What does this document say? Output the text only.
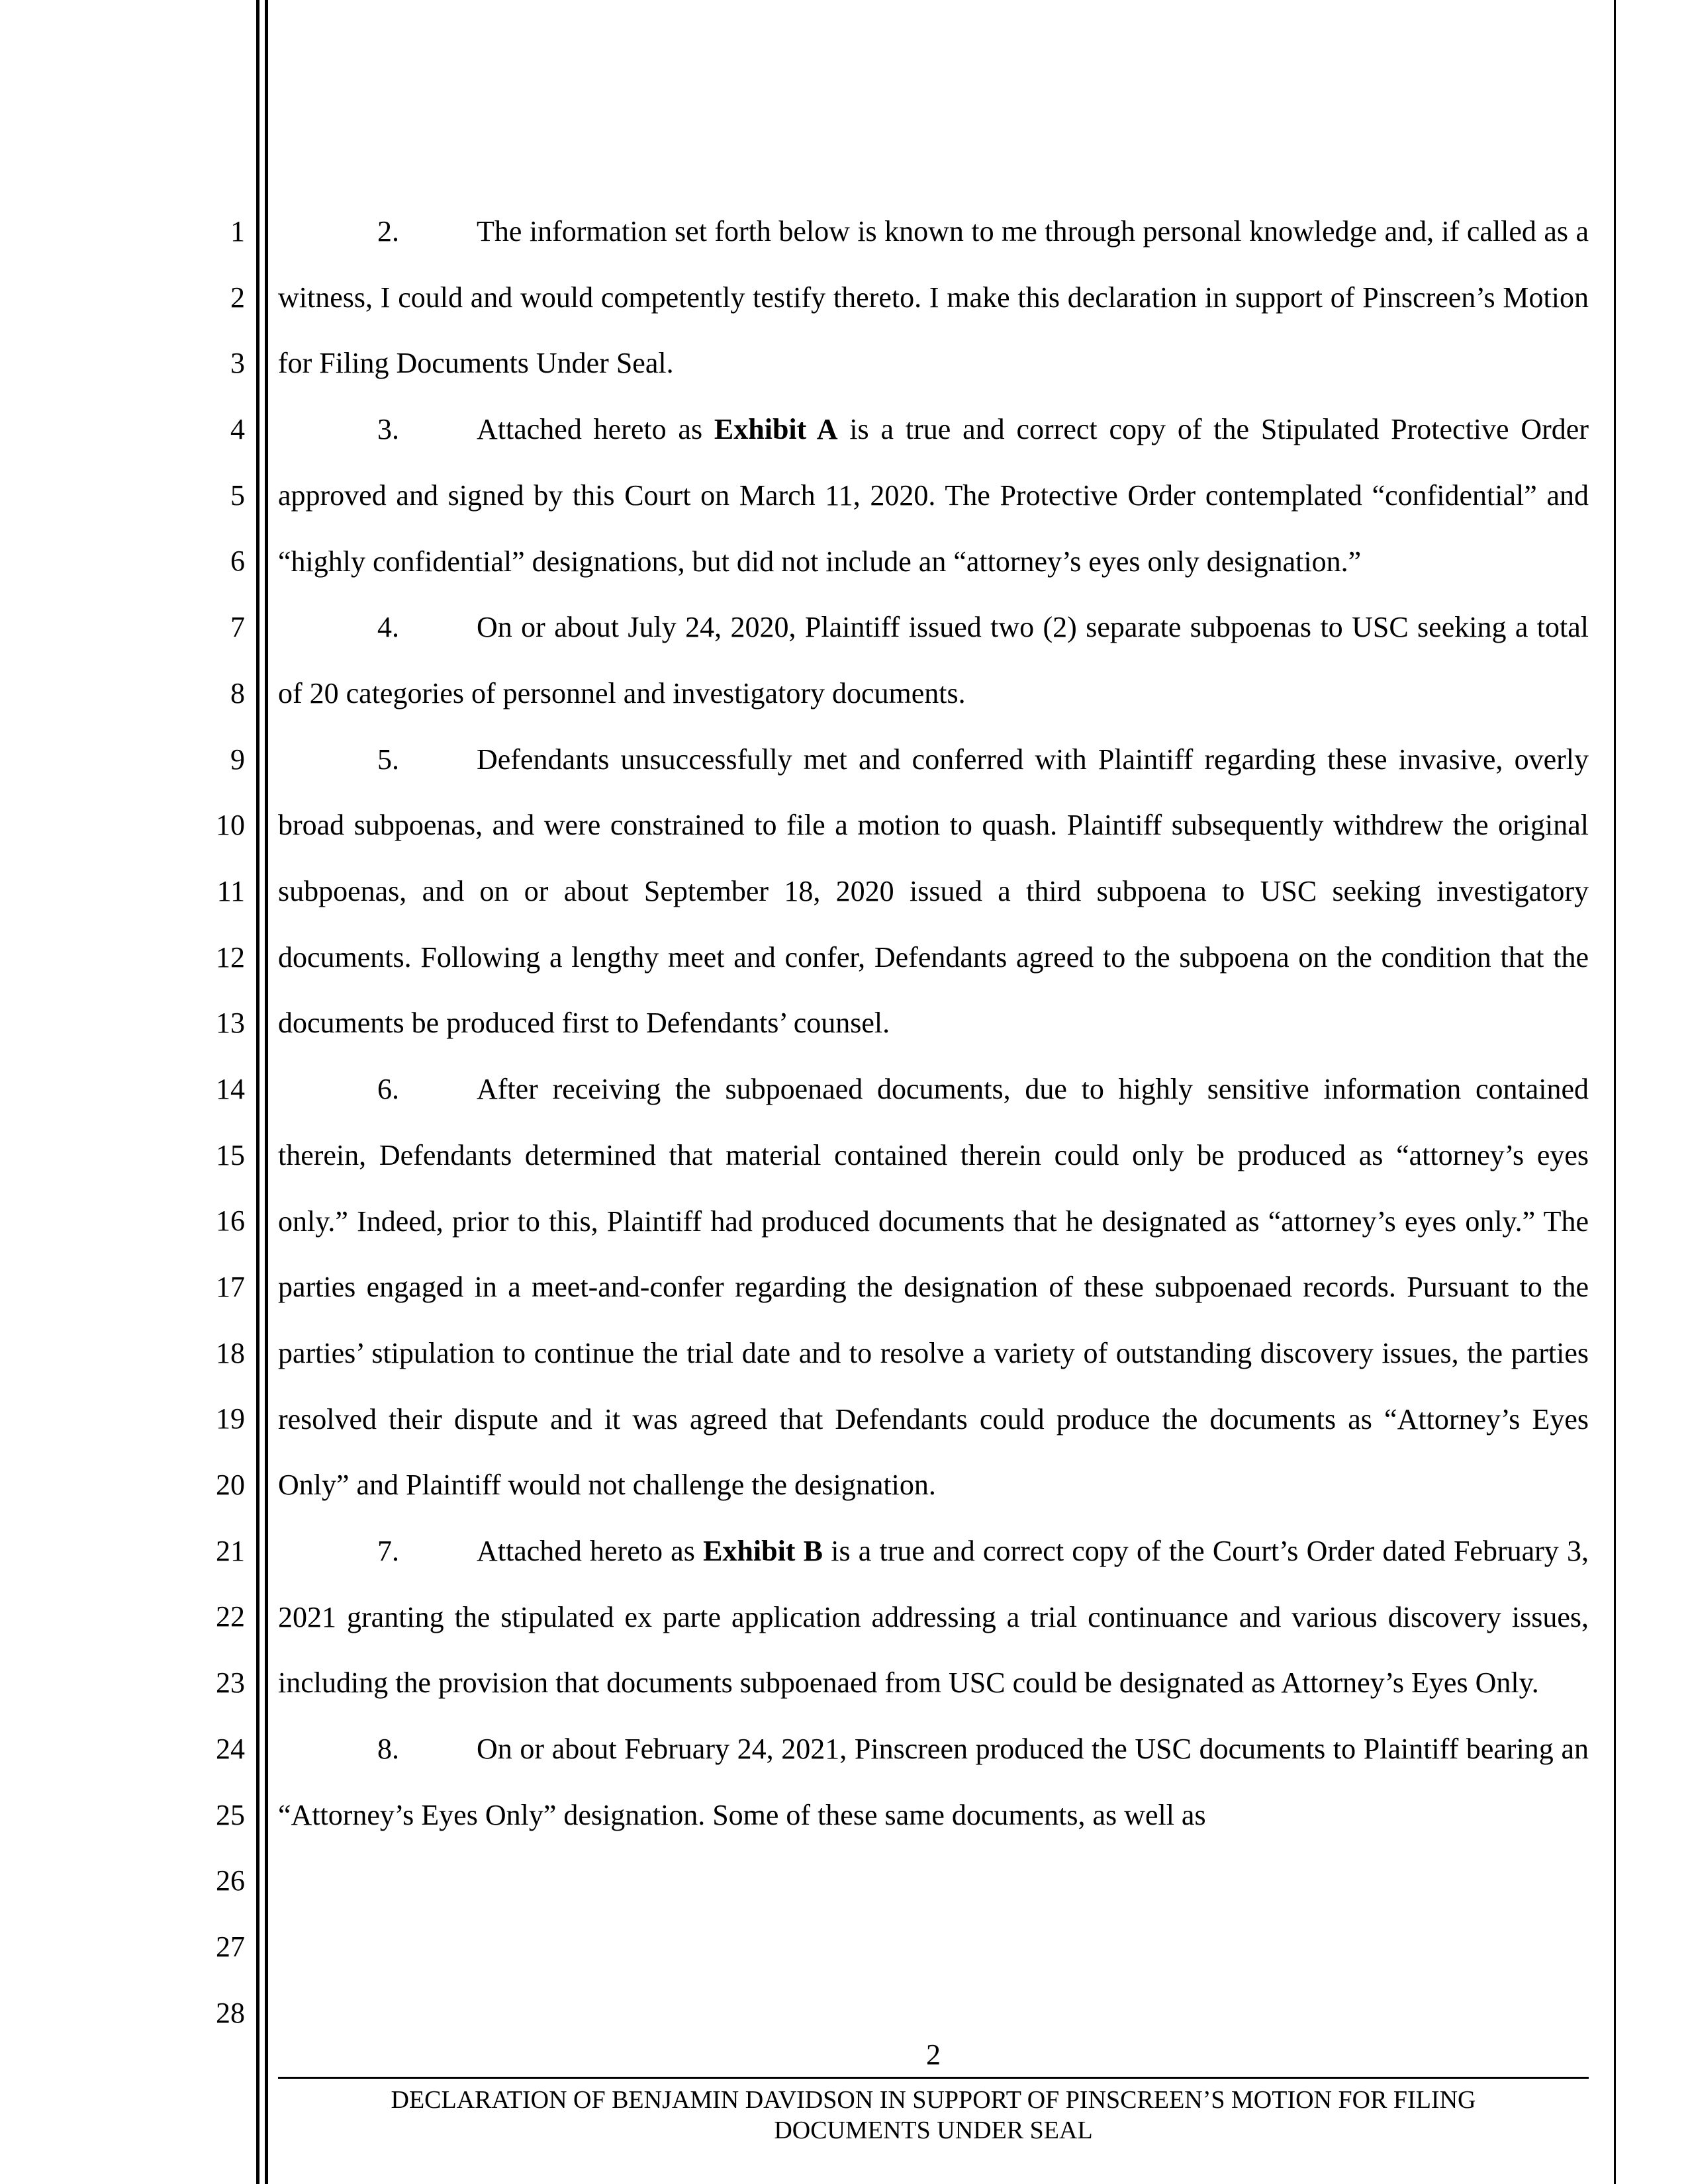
1
2
3
4
5
6
7
8
9
10
11
12
13
14
15
16
17
18
19
20
21
22
23
24
25
26
27
28

2.	The information set forth below is known to me through personal knowledge and, if called as a witness, I could and would competently testify thereto. I make this declaration in support of Pinscreen’s Motion for Filing Documents Under Seal.

3.	Attached hereto as Exhibit A is a true and correct copy of the Stipulated Protective Order approved and signed by this Court on March 11, 2020. The Protective Order contemplated “confidential” and “highly confidential” designations, but did not include an “attorney’s eyes only designation.”

4.	On or about July 24, 2020, Plaintiff issued two (2) separate subpoenas to USC seeking a total of 20 categories of personnel and investigatory documents.

5.	Defendants unsuccessfully met and conferred with Plaintiff regarding these invasive, overly broad subpoenas, and were constrained to file a motion to quash. Plaintiff subsequently withdrew the original subpoenas, and on or about September 18, 2020 issued a third subpoena to USC seeking investigatory documents. Following a lengthy meet and confer, Defendants agreed to the subpoena on the condition that the documents be produced first to Defendants’ counsel.

6.	After receiving the subpoenaed documents, due to highly sensitive information contained therein, Defendants determined that material contained therein could only be produced as “attorney’s eyes only.” Indeed, prior to this, Plaintiff had produced documents that he designated as “attorney’s eyes only.” The parties engaged in a meet-and-confer regarding the designation of these subpoenaed records. Pursuant to the parties’ stipulation to continue the trial date and to resolve a variety of outstanding discovery issues, the parties resolved their dispute and it was agreed that Defendants could produce the documents as “Attorney’s Eyes Only” and Plaintiff would not challenge the designation.

7.	Attached hereto as Exhibit B is a true and correct copy of the Court’s Order dated February 3, 2021 granting the stipulated ex parte application addressing a trial continuance and various discovery issues, including the provision that documents subpoenaed from USC could be designated as Attorney’s Eyes Only.

8.	On or about February 24, 2021, Pinscreen produced the USC documents to Plaintiff bearing an “Attorney’s Eyes Only” designation. Some of these same documents, as well as

2
DECLARATION OF BENJAMIN DAVIDSON IN SUPPORT OF PINSCREEN’S MOTION FOR FILING
DOCUMENTS UNDER SEAL
